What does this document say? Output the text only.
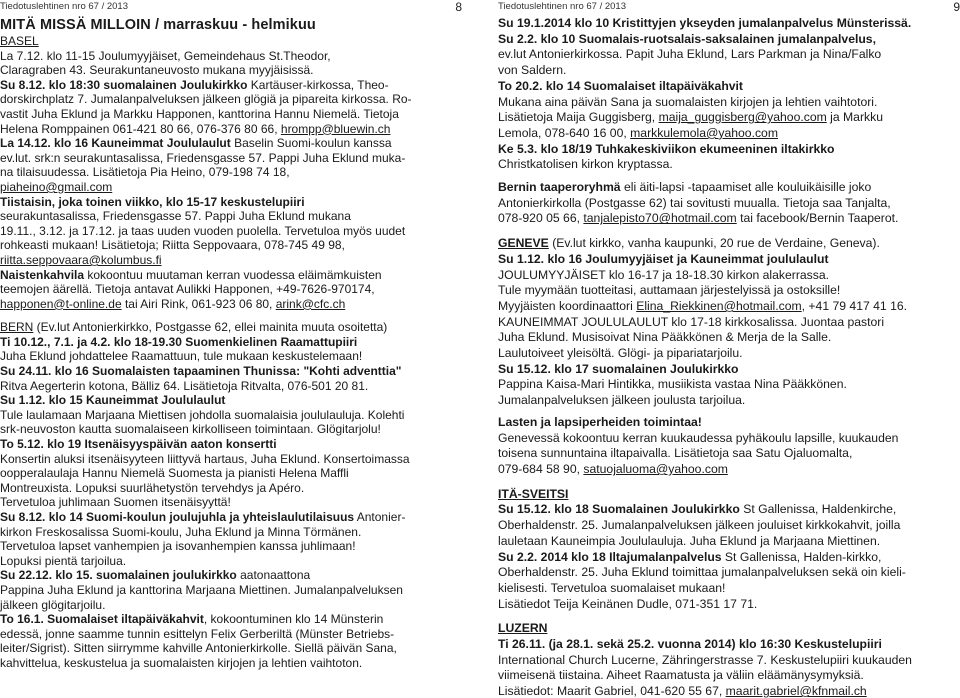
Tiedotuslehtinen nro 67 / 2013	8

MITÄ MISSÄ MILLOIN / marraskuu - helmikuu

BASEL

La 7.12. klo 11-15 Joulumyyjäiset, Gemeindehaus St.Theodor,

Claragraben 43. Seurakuntaneuvosto mukana myyjäisissä.

Su 8.12. klo 18:30 suomalainen Joulukirkko Kartäuser-kirkossa, Theo-

dorskirchplatz 7. Jumalanpalveluksen jälkeen glögiä ja pipareita kirkossa. Ro-

vastit Juha Eklund ja Markku Happonen, kanttorina Hannu Niemelä. Tietoja

Helena Romppainen 061-421 80 66, 076-376 80 66, hrompp@bluewin.ch

La 14.12. klo 16 Kauneimmat Joululaulut Baselin Suomi-koulun kanssa

ev.lut. srk:n seurakuntasalissa, Friedensgasse 57. Pappi Juha Eklund muka-

na tilaisuudessa. Lisätietoja Pia Heino, 079-198 74 18,

piaheino@gmail.com

Tiistaisin, joka toinen viikko, klo 15-17 keskustelupiiri

seurakuntasalissa, Friedensgasse 57. Pappi Juha Eklund mukana

19.11., 3.12. ja 17.12. ja taas uuden vuoden puolella. Tervetuloa myös uudet

rohkeasti mukaan! Lisätietoja; Riitta Seppovaara, 078-745 49 98,

riitta.seppovaara@kolumbus.fi

Naistenkahvila kokoontuu muutaman kerran vuodessa eläimämkuisten

teemojen äärellä. Tietoja antavat Aulikki Happonen, +49-7626-970174,

happonen@t-online.de tai Airi Rink, 061-923 06 80, arink@cfc.ch

BERN (Ev.lut Antonierkirkko, Postgasse 62, ellei mainita muuta osoitetta)

Ti 10.12., 7.1. ja 4.2. klo 18-19.30 Suomenkielinen Raamattupiiri

Juha Eklund johdattelee Raamattuun, tule mukaan keskustelemaan!

Su 24.11. klo 16 Suomalaisten tapaaminen Thunissa: "Kohti adventtia"

Ritva Aegerterin kotona, Bälliz 64. Lisätietoja Ritvalta, 076-501 20 81.

Su 1.12. klo 15 Kauneimmat Joululaulut

Tule laulamaan Marjaana Miettisen johdolla suomalaisia joululauluja. Kolehti

srk-neuvoston kautta suomalaiseen kirkolliseen toimintaan. Glögitarjolu!

To 5.12. klo 19 Itsenäisyyspäivän aaton konsertti

Konsertin aluksi itsenäisyyteen liittyvä hartaus, Juha Eklund. Konsertoimassa

oopperalaulaja Hannu Niemelä Suomesta ja pianisti Helena Maffli

Montreuxista. Lopuksi suurlähetystön tervehdys ja Apéro.

Tervetuloa juhlimaan Suomen itsenäisyyttä!

Su 8.12. klo 14 Suomi-koulun joulujuhla ja yhteislaulutilaisuus Antonier-

kirkon Freskosalissa Suomi-koulu, Juha Eklund ja Minna Törmänen.

Tervetuloa lapset vanhempien ja isovanhempien kanssa juhlimaan!

Lopuksi pientä tarjoilua.

Su 22.12. klo 15. suomalainen joulukirkko aatonaattona

Pappina Juha Eklund ja kanttorina Marjaana Miettinen. Jumalanpalveluksen

jälkeen glögitarjoilu.

To 16.1. Suomalaiset iltapäiväkahvit, kokoontuminen klo 14 Münsterin

edessä, jonne saamme tunnin esittelyn Felix Gerberiltä (Münster Betriebs-

leiter/Sigrist). Sitten siirrymme kahville Antonierkirkolle. Siellä päivän Sana,

kahvittelua, keskustelua ja suomalaisten kirjojen ja lehtien vaihtoton.

Tiedotuslehtinen nro 67 / 2013	9

Su 19.1.2014 klo 10 Kristittyjen ykseyden jumalanpalvelus Münsterissä.

Su 2.2. klo 10 Suomalais-ruotsalais-saksalainen jumalanpalvelus,

ev.lut Antonierkirkossa. Papit Juha Eklund, Lars Parkman ja Nina/Falko

von Saldern.

To 20.2. klo 14 Suomalaiset iltapäiväkahvit

Mukana aina päivän Sana ja suomalaisten kirjojen ja lehtien vaihtotori.

Lisätietoja Maija Guggisberg, maija_guggisberg@yahoo.com ja Markku

Lemola, 078-640 16 00, markkulemola@yahoo.com

Ke 5.3. klo 18/19 Tuhkakeskiviikon ekumeeninen iltakirkko

Christkatolisen kirkon kryptassa.

Bernin taaperoryhmä eli äiti-lapsi -tapaamiset alle kouluikäisille joko

Antonierkirkolla (Postgasse 62) tai sovitusti muualla. Tietoja saa Tanjalta,

078-920 05 66, tanjalepisto70@hotmail.com tai facebook/Bernin Taaperot.

GENEVE (Ev.lut kirkko, vanha kaupunki, 20 rue de Verdaine, Geneva).

Su 1.12. klo 16 Joulumyyjäiset ja Kauneimmat joululaulut

JOULUMYYJÄISET klo 16-17 ja 18-18.30 kirkon alakerrassa.

Tule myymään tuotteitasi, auttamaan järjestelyissä ja ostoksille!

Myyjäisten koordinaattori Elina_Riekkinen@hotmail.com, +41 79 417 41 16.

KAUNEIMMAT JOULULAULUT klo 17-18 kirkkosalissa. Juontaa pastori

Juha Eklund. Musisoivat Nina Pääkkönen & Merja de la Salle.

Laulutoiveet yleisöltä. Glögi- ja pipariatarjoilu.

Su 15.12. klo 17 suomalainen Joulukirkko

Pappina Kaisa-Mari Hintikka, musiikista vastaa Nina Pääkkönen.

Jumalanpalveluksen jälkeen joulusta tarjoilua.

Lasten ja lapsiperheiden toimintaa!

Genevessä kokoontuu kerran kuukaudessa pyhäkoulu lapsille, kuukauden

toisena sunnuntaina iltapaivalla. Lisätietoja saa Satu Ojaluomalta,

079-684 58 90, satuojaluoma@yahoo.com

ITÄ-SVEITSI

Su 15.12. klo 18 Suomalainen Joulukirkko St Gallenissa, Haldenkirche,

Oberhaldenstr. 25. Jumalanpalveluksen jälkeen jouluiset kirkkokahvit, joilla

lauletaan Kauneimpia Joululauluja. Juha Eklund ja Marjaana Miettinen.

Su 2.2. 2014 klo 18 Iltajumalanpalvelus St Gallenissa, Halden-kirkko,

Oberhaldenstr. 25. Juha Eklund toimittaa jumalanpalveluksen sekä oin kieli-

kielisesti. Tervetuloa suomalaiset mukaan!

Lisätiedot Teija Keinänen Dudle, 071-351 17 71.

LUZERN

Ti 26.11. (ja 28.1. sekä 25.2. vuonna 2014) klo 16:30 Keskustelupiiri

International Church Lucerne, Zähringerstrasse 7. Keskustelupiiri kuukauden

viimeisenä tiistaina. Aiheet Raamatusta ja väliin eläämänysymyksiä.

Lisätiedot: Maarit Gabriel, 041-620 55 67, maarit.gabriel@kfnmail.ch
